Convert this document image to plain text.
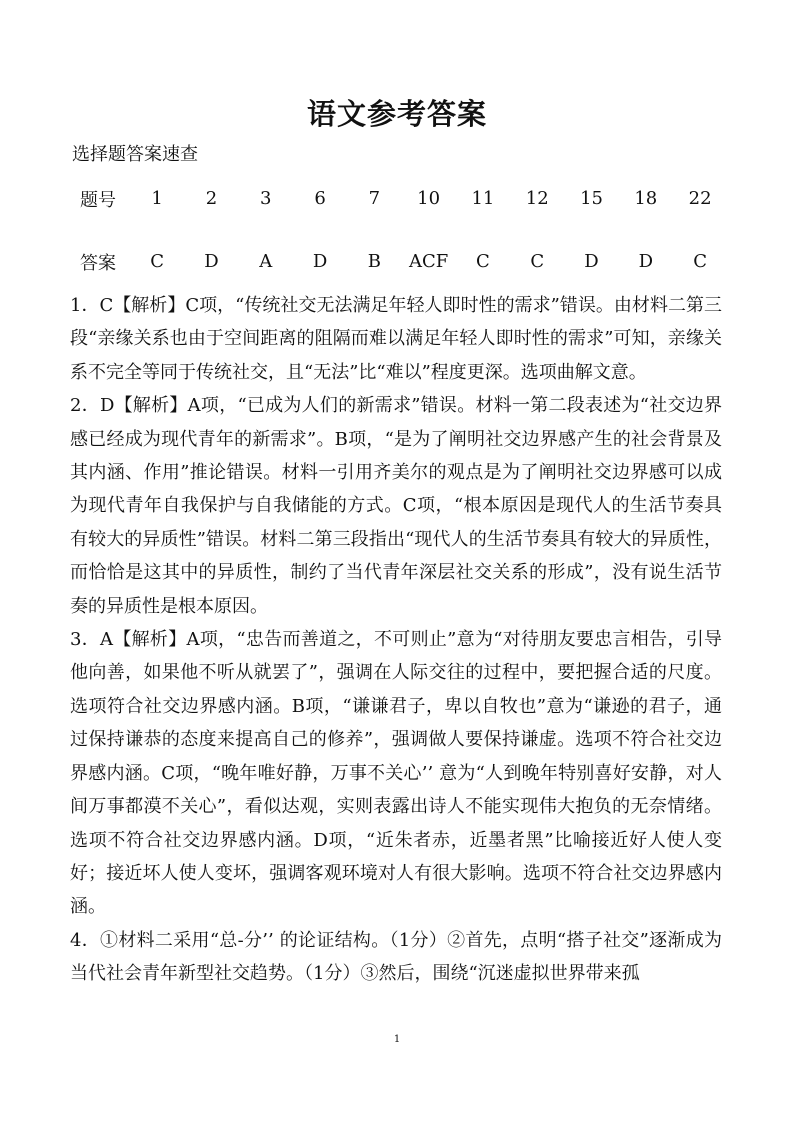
语文参考答案
选择题答案速查
题号	1	2	3	6	7	10	11	12	15	18	22

答案	C	D	A	D	B	ACF	C	C	D	D	C

1．C【解析】C项，“传统社交无法满足年轻人即时性的需求”错误。由材料二第三段“亲缘关系也由于空间距离的阻隔而难以满足年轻人即时性的需求”可知，亲缘关系不完全等同于传统社交，且“无法”比“难以”程度更深。选项曲解文意。

2．D【解析】A项，“已成为人们的新需求”错误。材料一第二段表述为“社交边界感已经成为现代青年的新需求”。B项，“是为了阐明社交边界感产生的社会背景及其内涵、作用”推论错误。材料一引用齐美尔的观点是为了阐明社交边界感可以成为现代青年自我保护与自我储能的方式。C项，“根本原因是现代人的生活节奏具有较大的异质性”错误。材料二第三段指出“现代人的生活节奏具有较大的异质性，而恰恰是这其中的异质性，制约了当代青年深层社交关系的形成”，没有说生活节奏的异质性是根本原因。

3．A【解析】A项，“忠告而善道之，不可则止”意为“对待朋友要忠言相告，引导他向善，如果他不听从就罢了”，强调在人际交往的过程中，要把握合适的尺度。选项符合社交边界感内涵。B项，“谦谦君子，卑以自牧也”意为“谦逊的君子，通过保持谦恭的态度来提高自己的修养”，强调做人要保持谦虚。选项不符合社交边界感内涵。C项，“晚年唯好静，万事不关心’’ 意为“人到晚年特别喜好安静，对人间万事都漠不关心”，看似达观，实则表露出诗人不能实现伟大抱负的无奈情绪。选项不符合社交边界感内涵。D项，“近朱者赤，近墨者黑”比喻接近好人使人变好；接近坏人使人变坏，强调客观环境对人有很大影响。选项不符合社交边界感内涵。

4．①材料二采用“总-分’’ 的论证结构。（1分）②首先，点明“搭子社交”逐渐成为当代社会青年新型社交趋势。（1分）③然后，围绕“沉迷虚拟世界带来孤

1
